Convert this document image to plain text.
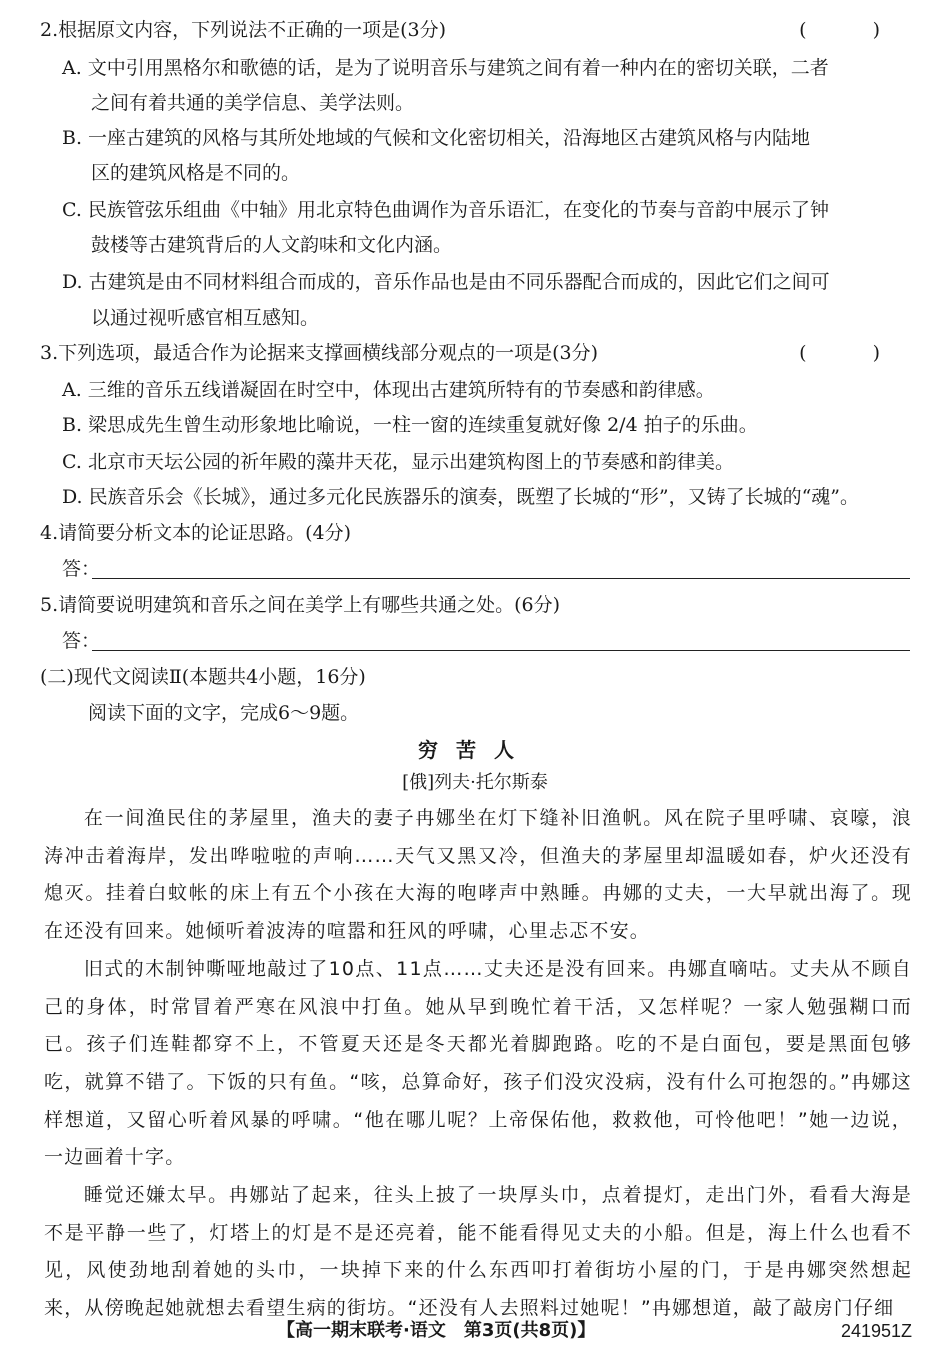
2.根据原文内容，下列说法不正确的一项是(3分)	( )
A. 文中引用黑格尔和歌德的话，是为了说明音乐与建筑之间有着一种内在的密切关联，二者
之间有着共通的美学信息、美学法则。
B. 一座古建筑的风格与其所处地域的气候和文化密切相关，沿海地区古建筑风格与内陆地
区的建筑风格是不同的。
C. 民族管弦乐组曲《中轴》用北京特色曲调作为音乐语汇，在变化的节奏与音韵中展示了钟
鼓楼等古建筑背后的人文韵味和文化内涵。
D. 古建筑是由不同材料组合而成的，音乐作品也是由不同乐器配合而成的，因此它们之间可
以通过视听感官相互感知。
3.下列选项，最适合作为论据来支撑画横线部分观点的一项是(3分)	( )
A. 三维的音乐五线谱凝固在时空中，体现出古建筑所特有的节奏感和韵律感。
B. 梁思成先生曾生动形象地比喻说，一柱一窗的连续重复就好像 2/4 拍子的乐曲。
C. 北京市天坛公园的祈年殿的藻井天花，显示出建筑构图上的节奏感和韵律美。
D. 民族音乐会《长城》，通过多元化民族器乐的演奏，既塑了长城的“形”，又铸了长城的“魂”。
4.请简要分析文本的论证思路。(4分)
答：
5.请简要说明建筑和音乐之间在美学上有哪些共通之处。(6分)
答：
(二)现代文阅读Ⅱ(本题共4小题，16分)
阅读下面的文字，完成6～9题。
穷苦人
[俄]列夫·托尔斯泰

在一间渔民住的茅屋里，渔夫的妻子冉娜坐在灯下缝补旧渔帆。风在院子里呼啸、哀嚎，浪涛冲击着海岸，发出哗啦啦的声响……天气又黑又冷，但渔夫的茅屋里却温暖如春，炉火还没有熄灭。挂着白蚊帐的床上有五个小孩在大海的咆哮声中熟睡。冉娜的丈夫，一大早就出海了。现在还没有回来。她倾听着波涛的喧嚣和狂风的呼啸，心里忐忑不安。

旧式的木制钟嘶哑地敲过了10点、11点……丈夫还是没有回来。冉娜直嘀咕。丈夫从不顾自己的身体，时常冒着严寒在风浪中打鱼。她从早到晚忙着干活，又怎样呢？一家人勉强糊口而已。孩子们连鞋都穿不上，不管夏天还是冬天都光着脚跑路。吃的不是白面包，要是黑面包够吃，就算不错了。下饭的只有鱼。“咳，总算命好，孩子们没灾没病，没有什么可抱怨的。”冉娜这样想道，又留心听着风暴的呼啸。“他在哪儿呢？上帝保佑他，救救他，可怜他吧！”她一边说，一边画着十字。

睡觉还嫌太早。冉娜站了起来，往头上披了一块厚头巾，点着提灯，走出门外，看看大海是不是平静一些了，灯塔上的灯是不是还亮着，能不能看得见丈夫的小船。但是，海上什么也看不见，风使劲地刮着她的头巾，一块掉下来的什么东西叩打着街坊小屋的门，于是冉娜突然想起来，从傍晚起她就想去看望生病的街坊。“还没有人去照料过她呢！”冉娜想道，敲了敲房门仔细

【高一期末联考·语文　第3页(共8页)】	241951Z
